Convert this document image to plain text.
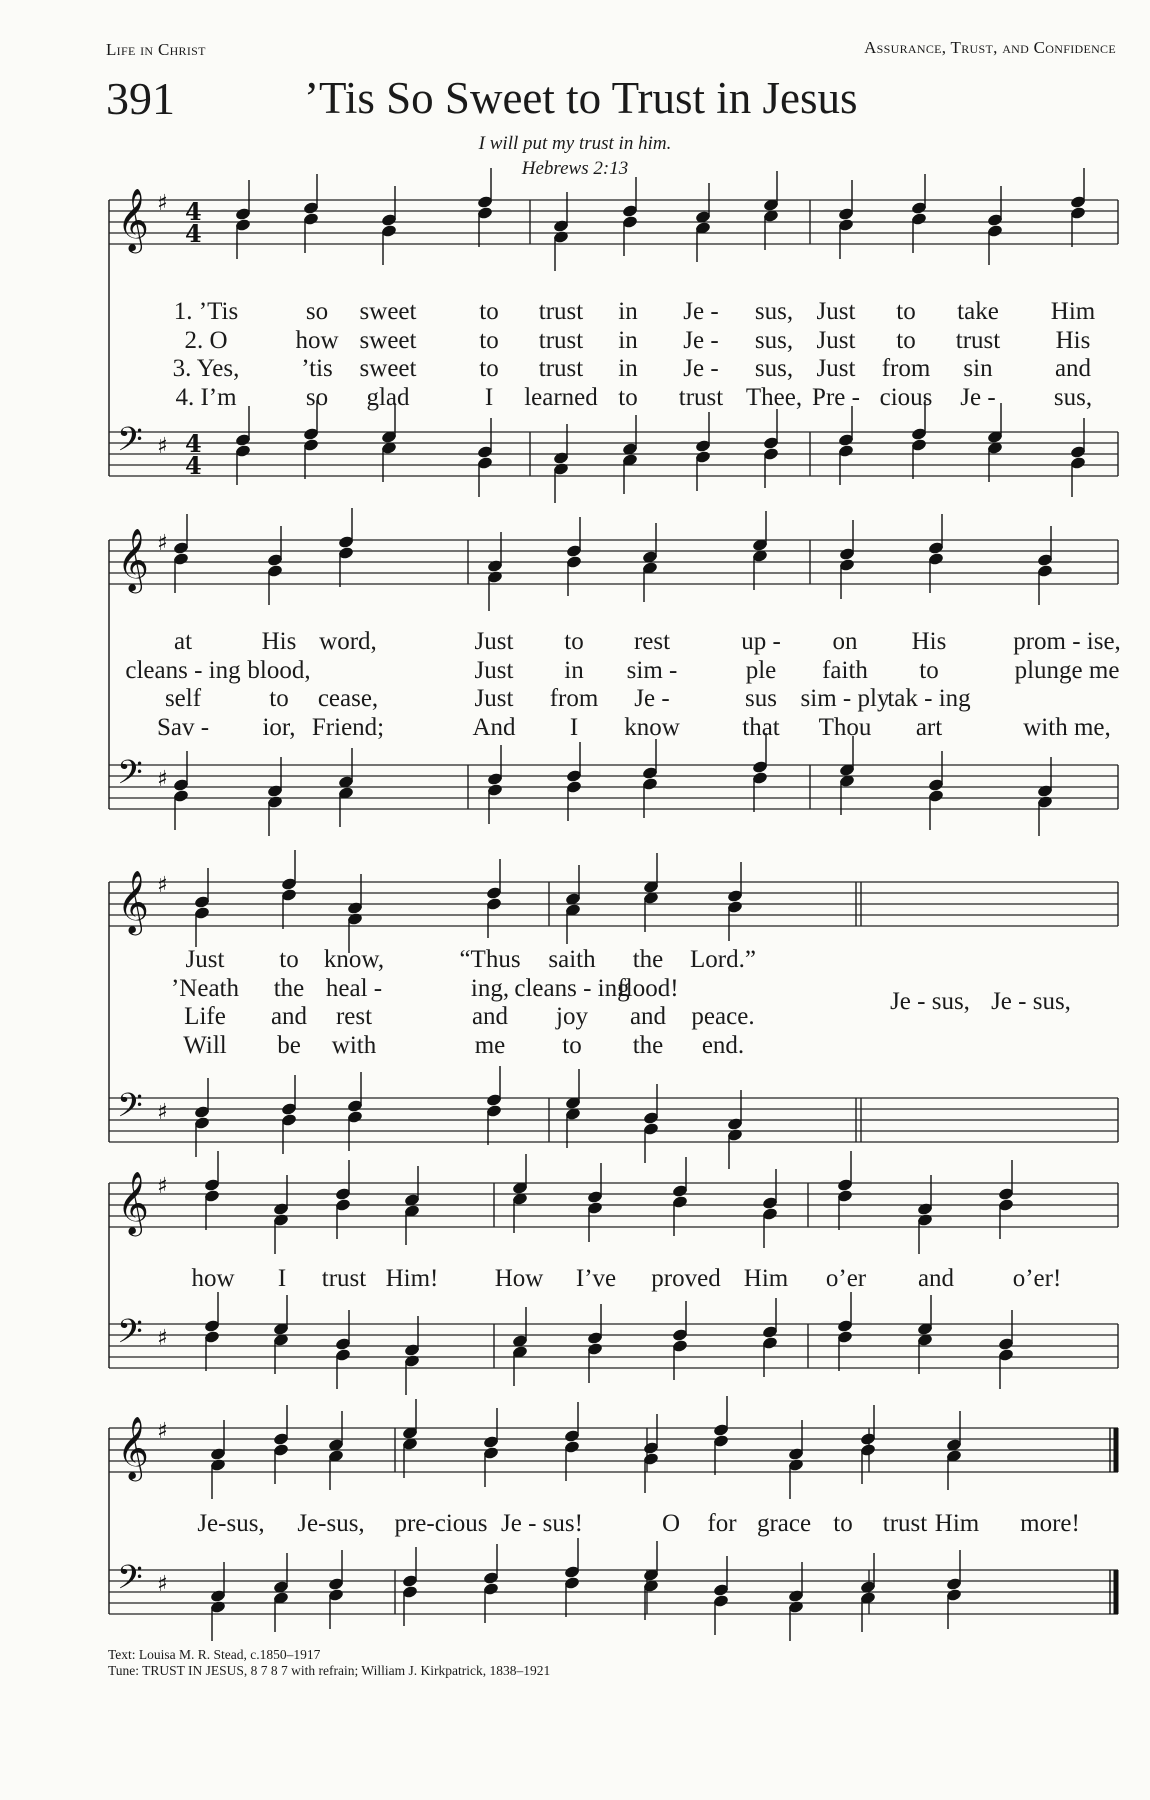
Life in Christ	Assurance, Trust, and Confidence
391	’Tis So Sweet to Trust in Jesus
I will put my trust in him.
Hebrews 2:13
𝄞 ♯ 4
4
𝄢 ♯ 4
4
𝄞 ♯
𝄢 ♯
𝄞 ♯
𝄢 ♯
𝄞 ♯
𝄢 ♯
𝄞 ♯
𝄢 ♯
1. ’Tis	so sweet	to trust in Je - sus, Just to take Him
2. O	how sweet	to trust in Je - sus, Just to trust His
3. Yes, ’tis sweet	to trust in Je - sus, Just from sin and
4. I’m	so glad	I learned to trust Thee, Pre - cious Je - sus,
at	His word,	Just to rest	up - on His	prom - ise,
cleans - ing blood,	Just in sim -	ple faith to	plunge me
self	to cease,	Just from Je -	sus sim - ply
tak - ing
Sav - ior, Friend;	And I know that Thou art	with me,
Just to know,	“Thus saith the Lord.”
’Neath the heal -	ing, cleans - ing
flood!
Life and rest	and joy and peace.
Will be with	me to the end.
Je - sus, Je - sus,
how I trust Him! How I’ve proved Him o’er and o’er!
Je-sus, Je-sus, pre-cious Je - sus!	O for grace to trust Him more!
Text: Louisa M. R. Stead, c.1850–1917
Tune: TRUST IN JESUS, 8 7 8 7 with refrain; William J. Kirkpatrick, 1838–1921
